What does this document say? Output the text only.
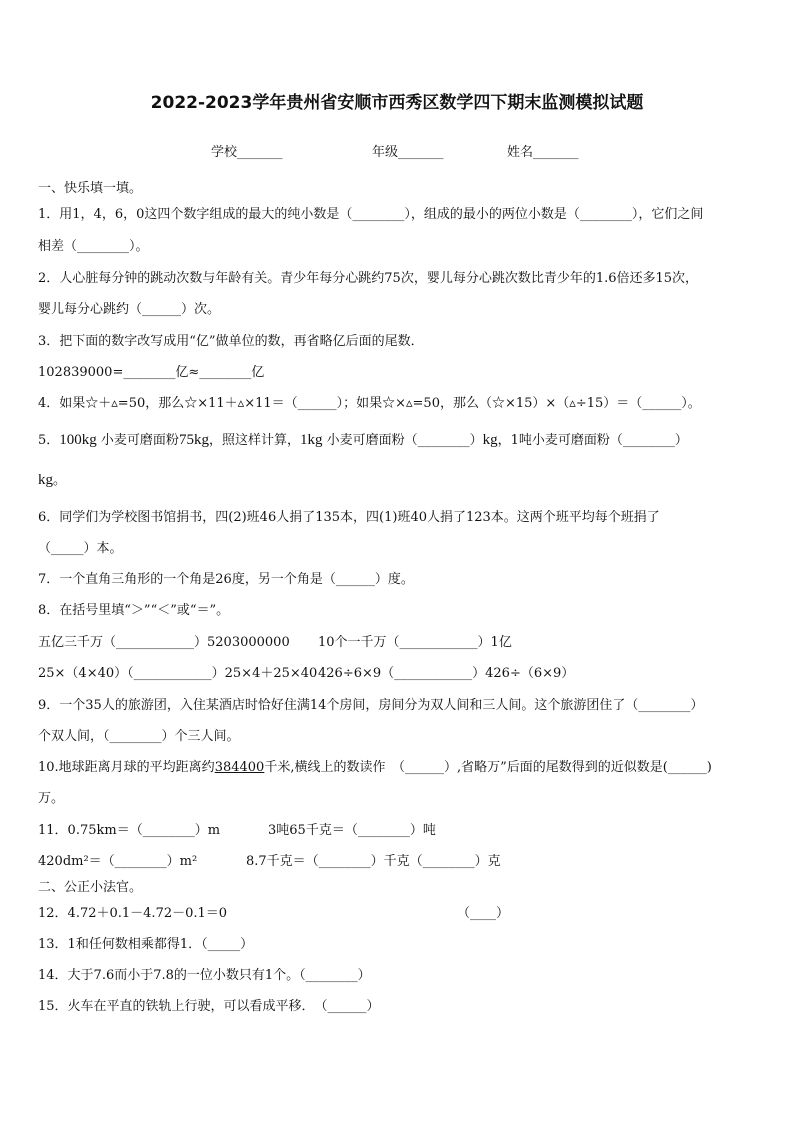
2022-2023学年贵州省安顺市西秀区数学四下期末监测模拟试题
学校_______	年级_______	姓名_______
一、快乐填一填。
1．用1，4，6，0这四个数字组成的最大的纯小数是（________），组成的最小的两位小数是（________），它们之间
相差（________）。
2．人心脏每分钟的跳动次数与年龄有关。青少年每分心跳约75次，婴儿每分心跳次数比青少年的1.6倍还多15次，
婴儿每分心跳约（______）次。
3．把下面的数字改写成用“亿”做单位的数，再省略亿后面的尾数．
102839000=________亿≈________亿
4．如果☆＋▵=50，那么☆×11＋▵×11＝（______）；如果☆×▵=50，那么（☆×15）×（▵÷15）＝（______）。
5．100kg 小麦可磨面粉75kg，照这样计算，1kg 小麦可磨面粉（________）kg，1吨小麦可磨面粉（________）
kg。
6．同学们为学校图书馆捐书，四(2)班46人捐了135本，四(1)班40人捐了123本。这两个班平均每个班捐了
（_____）本。
7．一个直角三角形的一个角是26度，另一个角是（______）度。
8．在括号里填“＞”“＜”或“＝”。
五亿三千万（____________）5203000000 10个一千万（____________）1亿
25×（4×40）（____________）25×4＋25×40 426÷6×9（____________）426÷（6×9）
9．一个35人的旅游团，入住某酒店时恰好住满14个房间，房间分为双人间和三人间。这个旅游团住了（________）
个双人间，（________）个三人间。
10.地球距离月球的平均距离约384400千米,横线上的数读作　（______）,省略万”后面的尾数得到的近似数是(______)
万。
11．0.75km＝（________）m	3吨65千克＝（________）吨
420dm²＝（________）m²	8.7千克＝（________）千克（________）克
二、公正小法官。
12．4.72＋0.1－4.72－0.1＝0	（____）
13．1和任何数相乘都得1．（_____）
14．大于7.6而小于7.8的一位小数只有1个。（________）
15．火车在平直的铁轨上行驶，可以看成平移．　（______）
